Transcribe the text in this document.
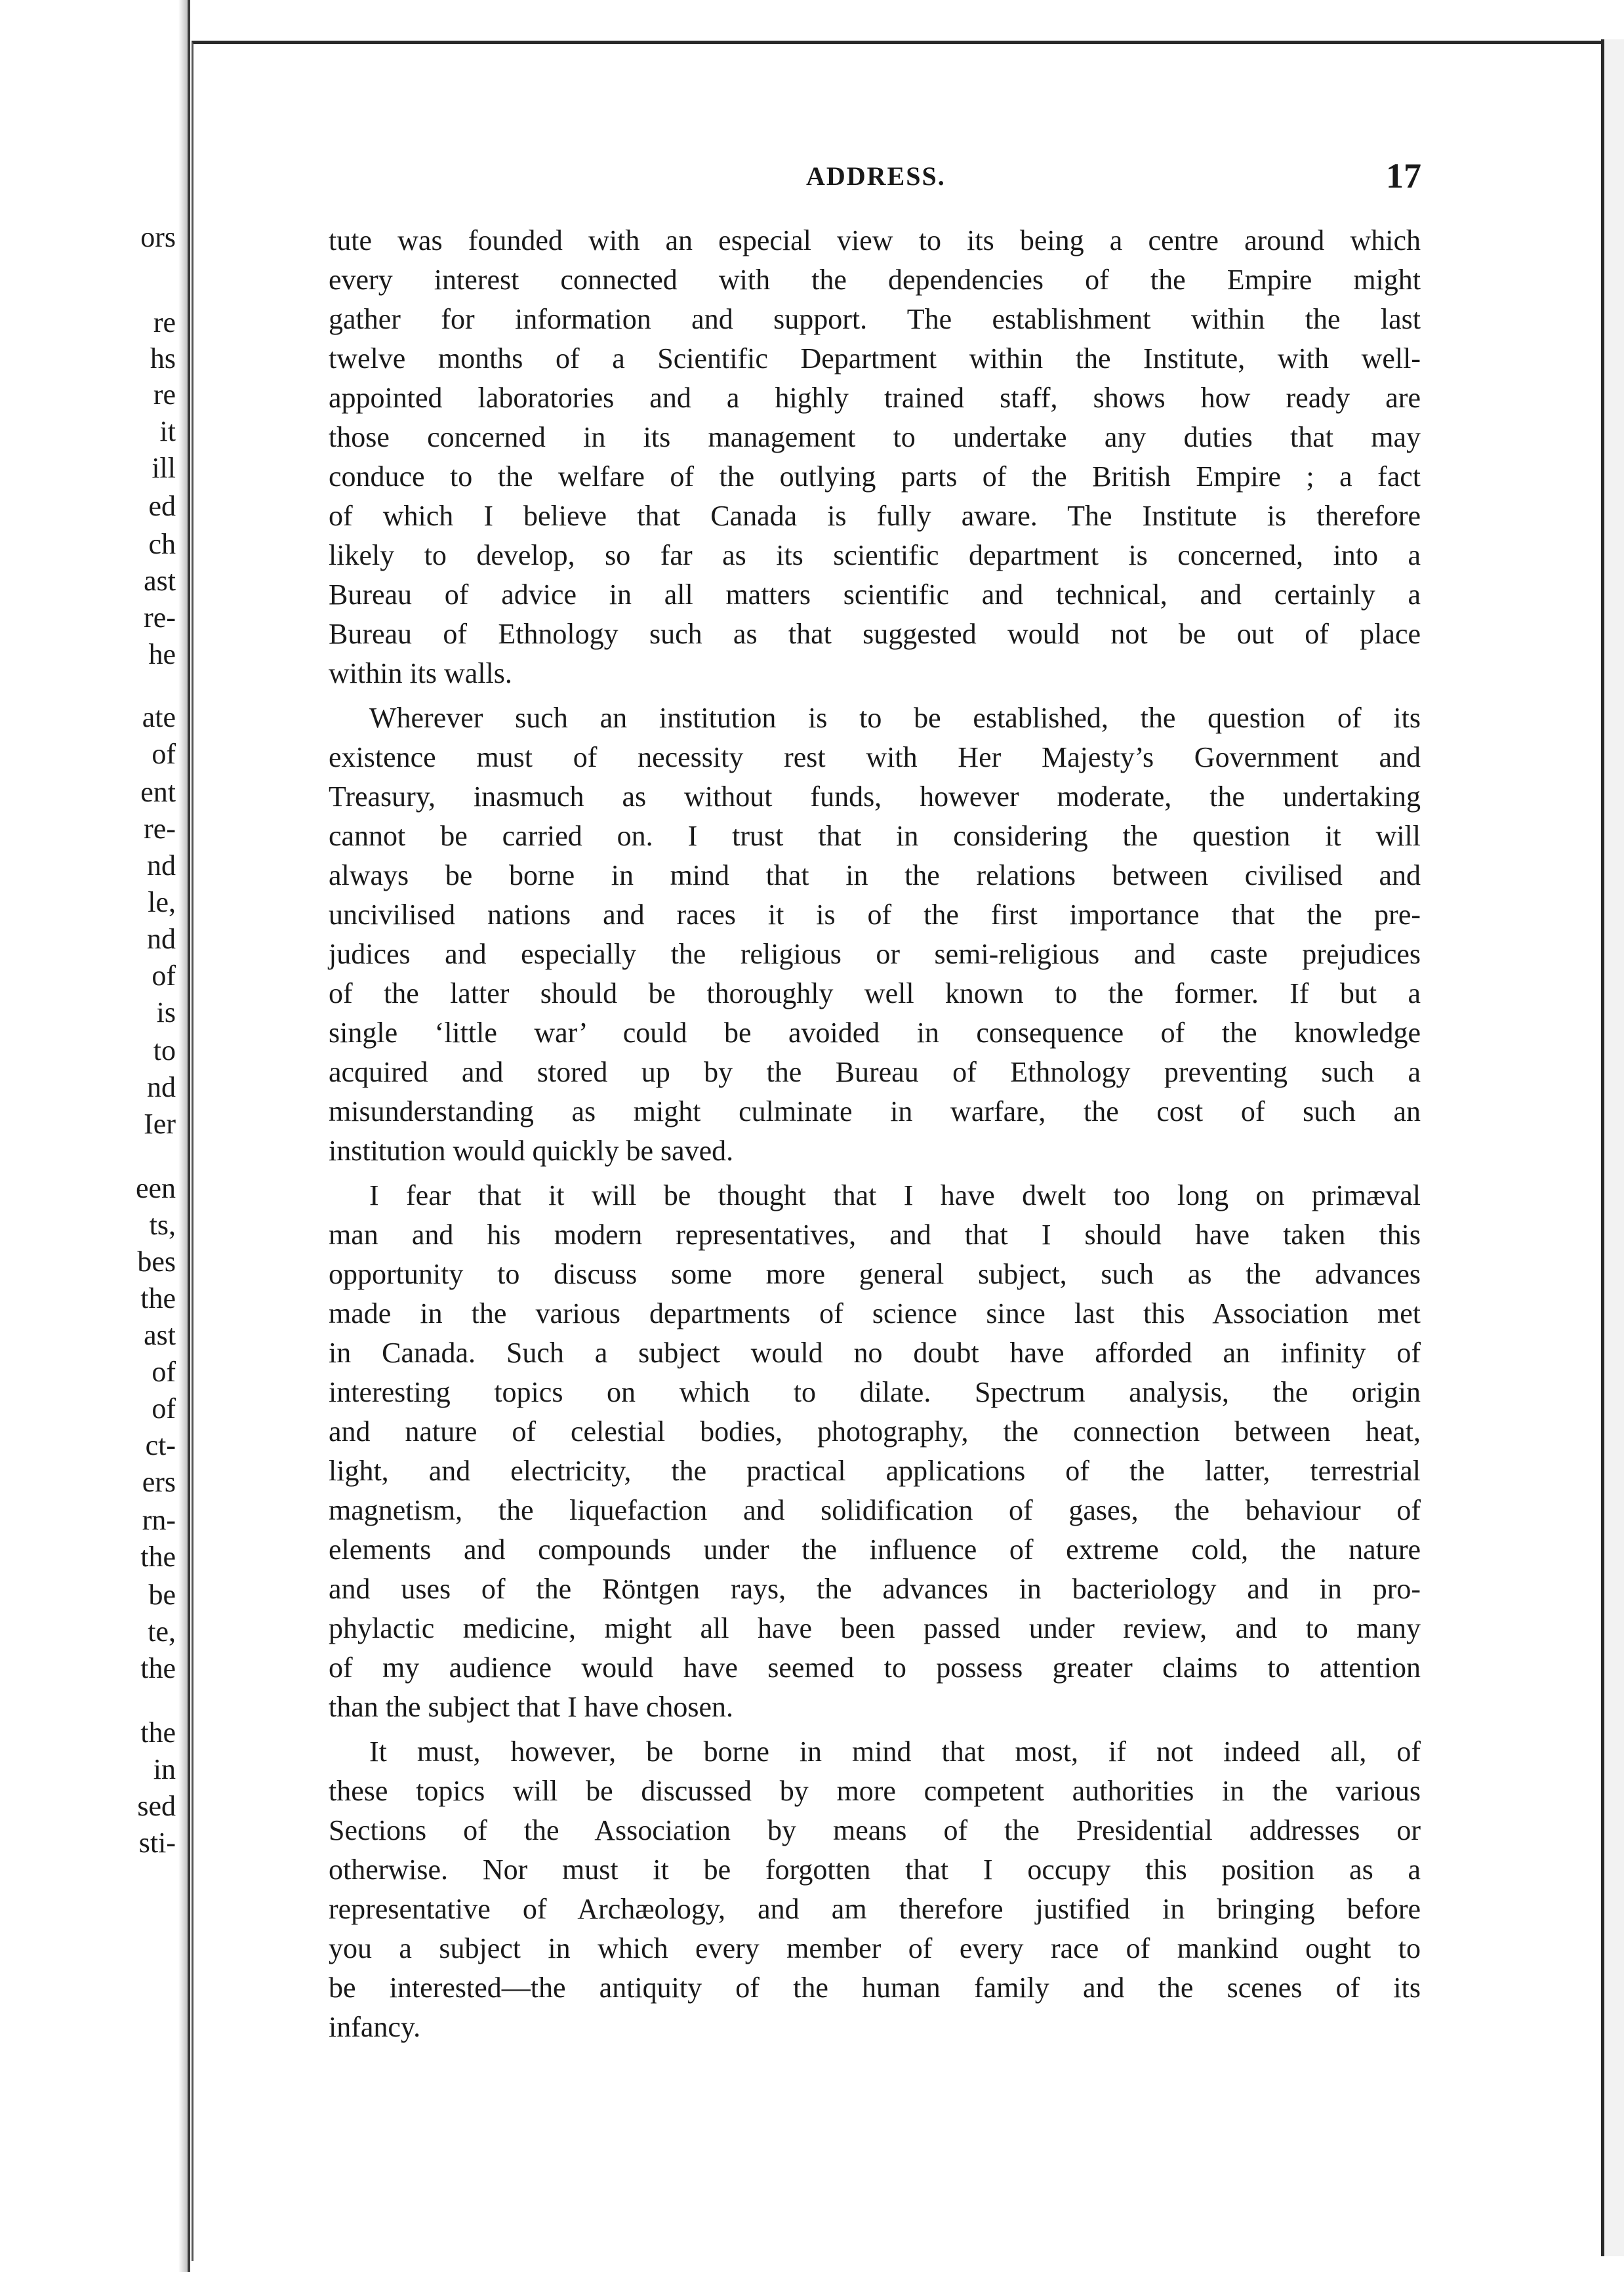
ors
re
hs
re
it
ill
ed
ch
ast
re-
he
ate
of
ent
re-
nd
le,
nd
of
is
to
nd
Ier
een
ts,
bes
the
ast
of
of
ct-
ers
rn-
the
be
te,
the
the
in
sed
sti-
ADDRESS.	17
tute was founded with an especial view to its being a centre around which
every interest connected with the dependencies of the Empire might
gather for information and support. The establishment within the last
twelve months of a Scientific Department within the Institute, with well-
appointed laboratories and a highly trained staff, shows how ready are
those concerned in its management to undertake any duties that may
conduce to the welfare of the outlying parts of the British Empire ; a fact
of which I believe that Canada is fully aware. The Institute is therefore
likely to develop, so far as its scientific department is concerned, into a
Bureau of advice in all matters scientific and technical, and certainly a
Bureau of Ethnology such as that suggested would not be out of place
within its walls.
Wherever such an institution is to be established, the question of its
existence must of necessity rest with Her Majesty’s Government and
Treasury, inasmuch as without funds, however moderate, the undertaking
cannot be carried on. I trust that in considering the question it will
always be borne in mind that in the relations between civilised and
uncivilised nations and races it is of the first importance that the pre-
judices and especially the religious or semi-religious and caste prejudices
of the latter should be thoroughly well known to the former. If but a
single ‘little war’ could be avoided in consequence of the knowledge
acquired and stored up by the Bureau of Ethnology preventing such a
misunderstanding as might culminate in warfare, the cost of such an
institution would quickly be saved.
I fear that it will be thought that I have dwelt too long on primæval
man and his modern representatives, and that I should have taken this
opportunity to discuss some more general subject, such as the advances
made in the various departments of science since last this Association met
in Canada. Such a subject would no doubt have afforded an infinity of
interesting topics on which to dilate. Spectrum analysis, the origin
and nature of celestial bodies, photography, the connection between heat,
light, and electricity, the practical applications of the latter, terrestrial
magnetism, the liquefaction and solidification of gases, the behaviour of
elements and compounds under the influence of extreme cold, the nature
and uses of the Röntgen rays, the advances in bacteriology and in pro-
phylactic medicine, might all have been passed under review, and to many
of my audience would have seemed to possess greater claims to attention
than the subject that I have chosen.
It must, however, be borne in mind that most, if not indeed all, of
these topics will be discussed by more competent authorities in the various
Sections of the Association by means of the Presidential addresses or
otherwise. Nor must it be forgotten that I occupy this position as a
representative of Archæology, and am therefore justified in bringing before
you a subject in which every member of every race of mankind ought to
be interested—the antiquity of the human family and the scenes of its
infancy.
